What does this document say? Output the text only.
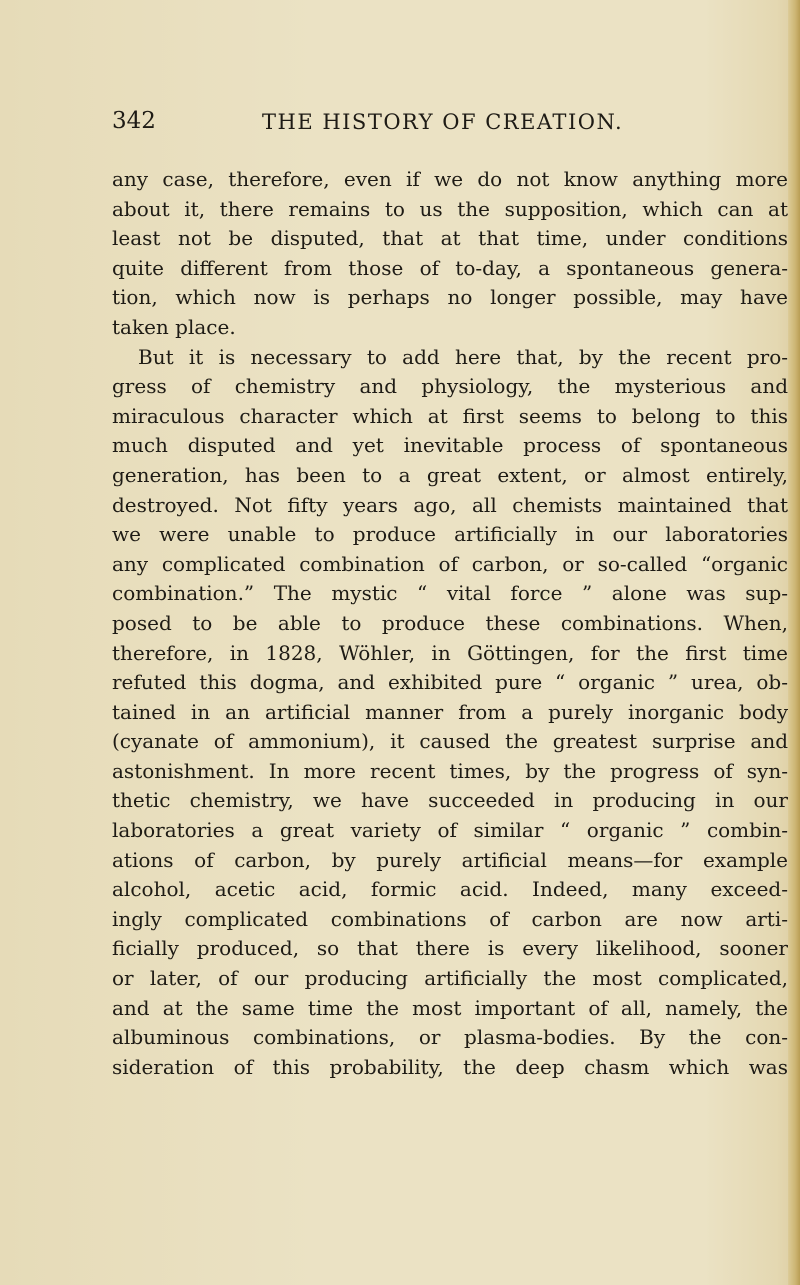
342	THE HISTORY OF CREATION.
any case, therefore, even if we do not know anything more
about it, there remains to us the supposition, which can at
least not be disputed, that at that time, under conditions
quite different from those of to-day, a spontaneous genera-
tion, which now is perhaps no longer possible, may have
taken place.
But it is necessary to add here that, by the recent pro-
gress of chemistry and physiology, the mysterious and
miraculous character which at first seems to belong to this
much disputed and yet inevitable process of spontaneous
generation, has been to a great extent, or almost entirely,
destroyed. Not fifty years ago, all chemists maintained that
we were unable to produce artificially in our laboratories
any complicated combination of carbon, or so-called “organic
combination.” The mystic “ vital force ” alone was sup-
posed to be able to produce these combinations. When,
therefore, in 1828, Wöhler, in Göttingen, for the first time
refuted this dogma, and exhibited pure “ organic ” urea, ob-
tained in an artificial manner from a purely inorganic body
(cyanate of ammonium), it caused the greatest surprise and
astonishment. In more recent times, by the progress of syn-
thetic chemistry, we have succeeded in producing in our
laboratories a great variety of similar “ organic ” combin-
ations of carbon, by purely artificial means—for example
alcohol, acetic acid, formic acid. Indeed, many exceed-
ingly complicated combinations of carbon are now arti-
ficially produced, so that there is every likelihood, sooner
or later, of our producing artificially the most complicated,
and at the same time the most important of all, namely, the
albuminous combinations, or plasma-bodies. By the con-
sideration of this probability, the deep chasm which was
